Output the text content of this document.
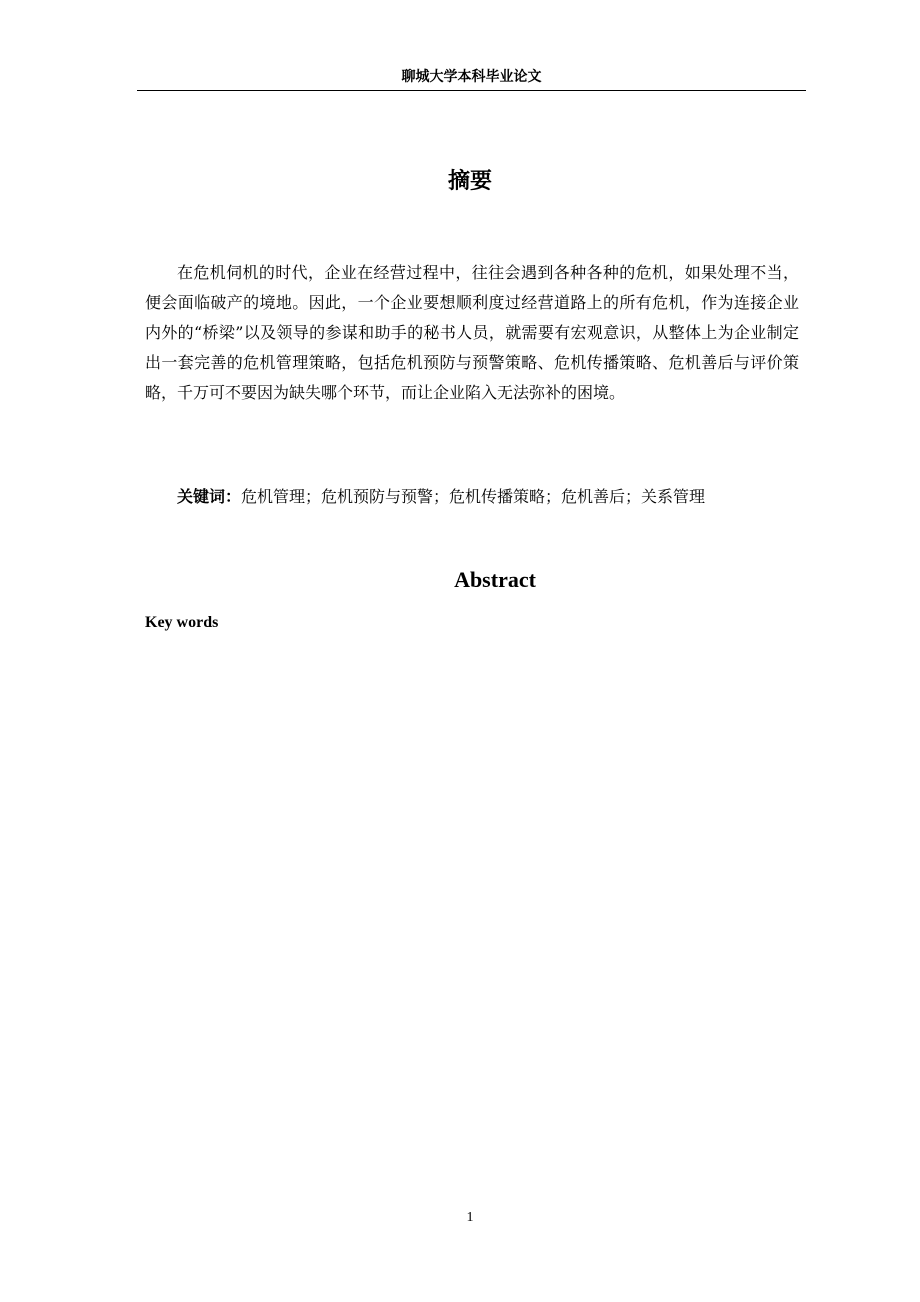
聊城大学本科毕业论文
摘要

在危机伺机的时代，企业在经营过程中，往往会遇到各种各种的危机，如果处理不当，便会面临破产的境地。因此，一个企业要想顺利度过经营道路上的所有危机，作为连接企业内外的“桥梁”以及领导的参谋和助手的秘书人员，就需要有宏观意识，从整体上为企业制定出一套完善的危机管理策略，包括危机预防与预警策略、危机传播策略、危机善后与评价策略，千万可不要因为缺失哪个环节，而让企业陷入无法弥补的困境。

关键词：危机管理；危机预防与预警；危机传播策略；危机善后；关系管理

Abstract

Key words

1
